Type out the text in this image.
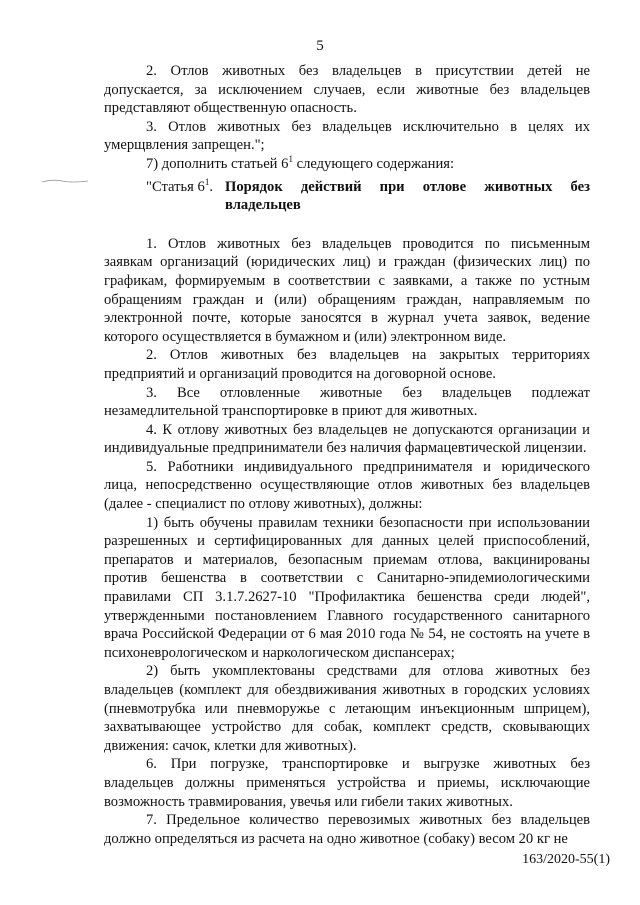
5

2. Отлов животных без владельцев в присутствии детей не допускается, за исключением случаев, если животные без владельцев представляют общественную опасность.

3. Отлов животных без владельцев исключительно в целях их умерщвления запрещен.";

7) дополнить статьей $6^1$ следующего содержания:

"Статья $6^1$. Порядок действий при отлове животных без владельцев

1. Отлов животных без владельцев проводится по письменным заявкам организаций (юридических лиц) и граждан (физических лиц) по графикам, формируемым в соответствии с заявками, а также по устным обращениям граждан и (или) обращениям граждан, направляемым по электронной почте, которые заносятся в журнал учета заявок, ведение которого осуществляется в бумажном и (или) электронном виде.

2. Отлов животных без владельцев на закрытых территориях предприятий и организаций проводится на договорной основе.

3. Все отловленные животные без владельцев подлежат незамедлительной транспортировке в приют для животных.

4. К отлову животных без владельцев не допускаются организации и индивидуальные предприниматели без наличия фармацевтической лицензии.

5. Работники индивидуального предпринимателя и юридического лица, непосредственно осуществляющие отлов животных без владельцев (далее - специалист по отлову животных), должны:

1) быть обучены правилам техники безопасности при использовании разрешенных и сертифицированных для данных целей приспособлений, препаратов и материалов, безопасным приемам отлова, вакцинированы против бешенства в соответствии с Санитарно-эпидемиологическими правилами СП 3.1.7.2627-10 "Профилактика бешенства среди людей", утвержденными постановлением Главного государственного санитарного врача Российской Федерации от 6 мая 2010 года № 54, не состоять на учете в психоневрологическом и наркологическом диспансерах;

2) быть укомплектованы средствами для отлова животных без владельцев (комплект для обездвиживания животных в городских условиях (пневмотрубка или пневморужье с летающим инъекционным шприцем), захватывающее устройство для собак, комплект средств, сковывающих движения: сачок, клетки для животных).

6. При погрузке, транспортировке и выгрузке животных без владельцев должны применяться устройства и приемы, исключающие возможность травмирования, увечья или гибели таких животных.

7. Предельное количество перевозимых животных без владельцев должно определяться из расчета на одно животное (собаку) весом 20 кг не

163/2020-55(1)
